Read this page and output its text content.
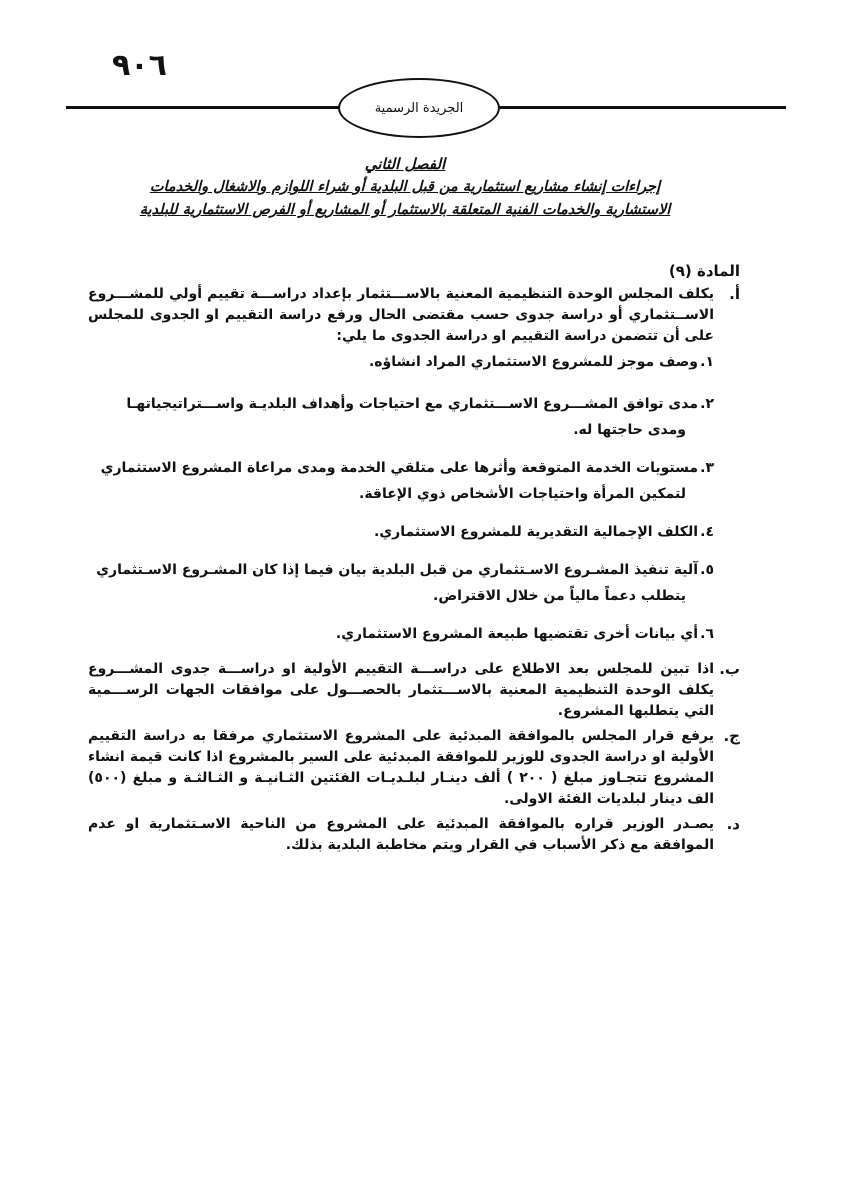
٩٠٦
الجريدة الرسمية
الفصل الثاني
إجراءات إنشاء مشاريع استثمارية من قبل البلدية أو شراء اللوازم والاشغال والخدمات
الاستشارية والخدمات الفنية المتعلقة بالاستثمار أو المشاريع أو الفرص الاستثمارية للبلدية
المادة (٩)
أ.
يكلف المجلس الوحدة التنظيمية المعنية بالاســـتثمار بإعداد دراســـة تقييم أولي للمشـــروع الاســتثماري أو دراسة جدوى حسب مقتضى الحال ورفع دراسة التقييم او الجدوى للمجلس على أن تتضمن دراسة التقييم او دراسة الجدوى ما يلي:
١.
وصف موجز للمشروع الاستثماري المراد انشاؤه.
٢.
مدى توافق المشـــروع الاســـتثماري مع احتياجات وأهداف البلديـة واســـتراتيجياتهـا
ومدى حاجتها له.
٣.
مستويات الخدمة المتوقعة وأثرها على متلقي الخدمة ومدى مراعاة المشروع الاستثماري
لتمكين المرأة واحتياجات الأشخاص ذوي الإعاقة.
٤.
الكلف الإجمالية التقديرية للمشروع الاستثماري.
٥.
آلية تنفيذ المشـروع الاسـتثماري من قبل البلدية بيان فيما إذا كان المشـروع الاسـتثماري
يتطلب دعماً مالياً من خلال الاقتراض.
٦.
أي بيانات أخرى تقتضيها طبيعة المشروع الاستثماري.
ب.
اذا تبين للمجلس بعد الاطلاع على دراســـة التقييم الأولية او دراســـة جدوى المشـــروع يكلف الوحدة التنظيمية المعنية بالاســـتثمار بالحصـــول على موافقات الجهات الرســـمية التي يتطلبها المشروع.
ج.
يرفع قرار المجلس بالموافقة المبدئية على المشروع الاستثماري مرفقا به دراسة التقييم الأولية او دراسة الجدوى للوزير للموافقة المبدئية على السير بالمشروع اذا كانت قيمة انشاء المشروع تتجـاوز مبلغ ( ٢٠٠ ) ألف دينـار لبلـديـات الفئتين الثـانيـة و الثـالثـة و مبلغ (٥٠٠) الف دينار لبلديات الفئة الاولى.
د.
يصـدر الوزير قراره بالموافقة المبدئية على المشروع من الناحية الاسـتثمارية او عدم الموافقة مع ذكر الأسباب في القرار ويتم مخاطبة البلدية بذلك.
